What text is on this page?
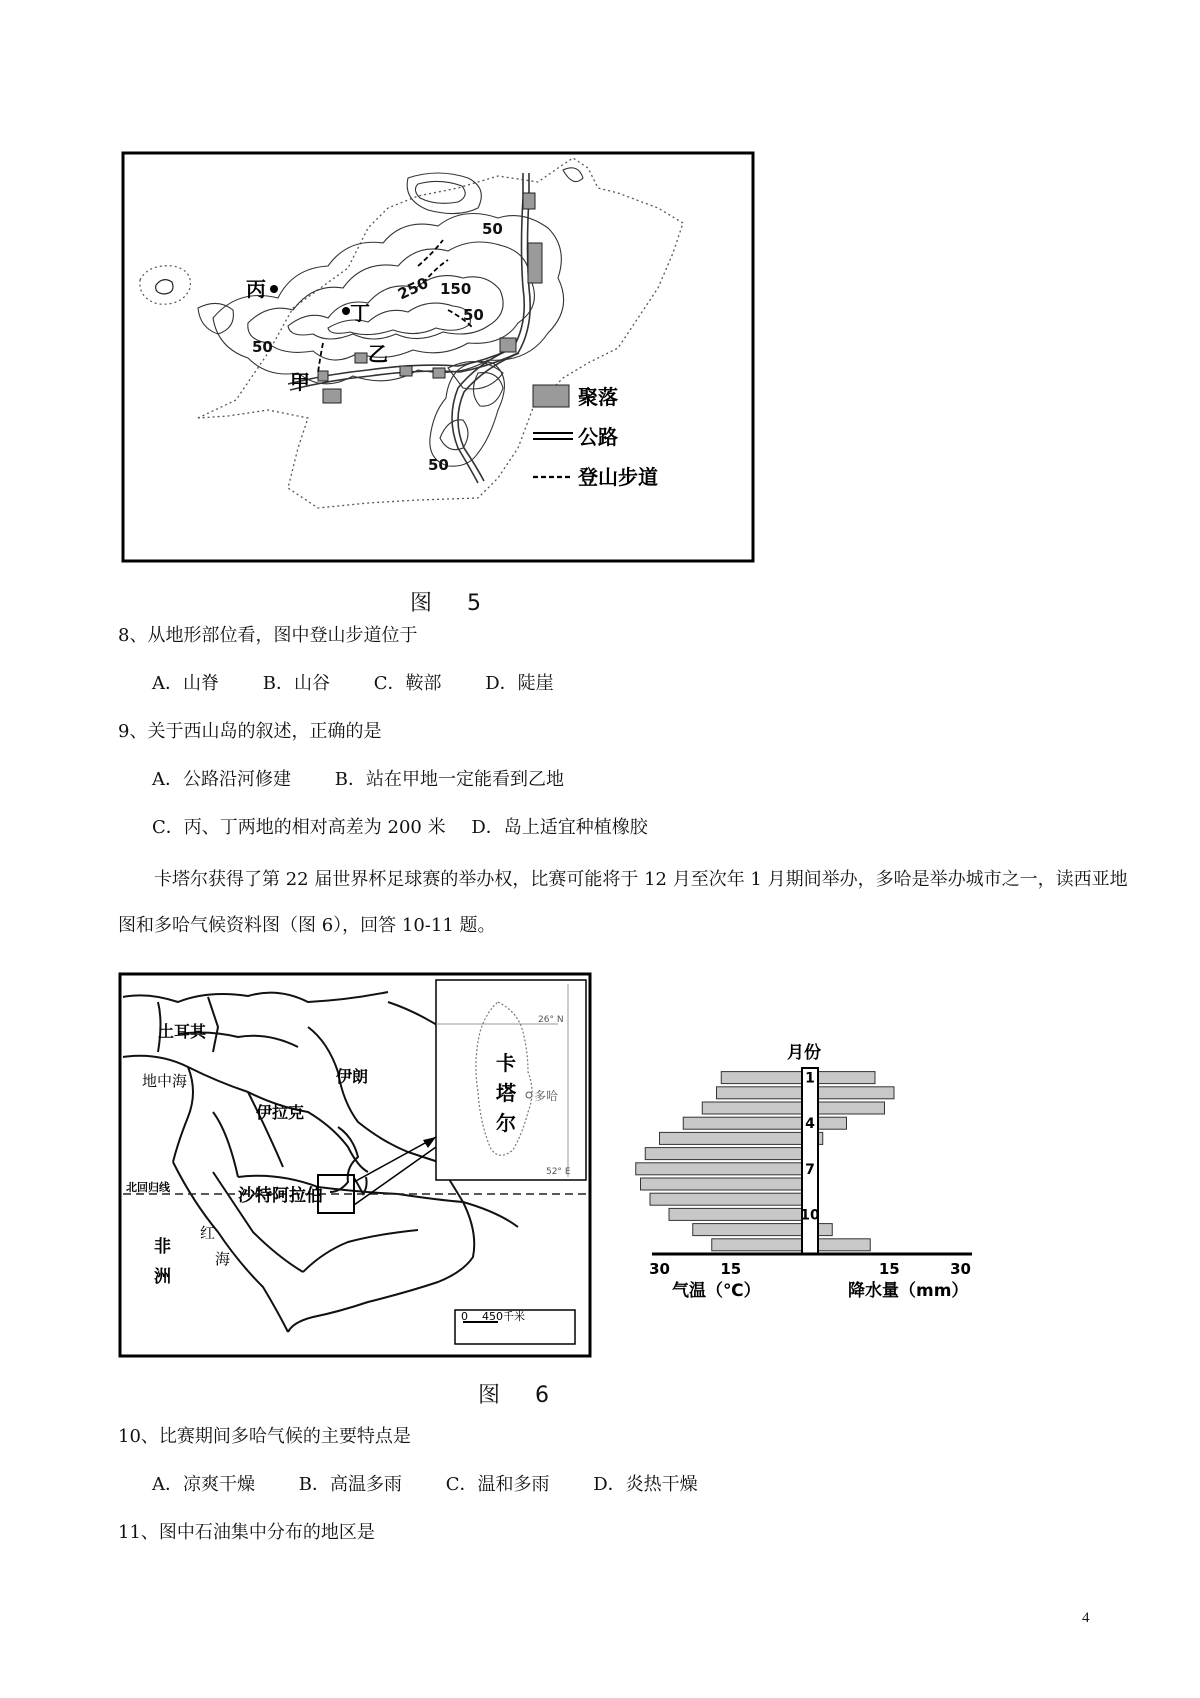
50
250 150
50
50
50
丙
丁
乙
甲
聚落
公路
登山步道
图 5
8、从地形部位看，图中登山步道位于
A．山脊 B．山谷 C．鞍部 D．陡崖
9、关于西山岛的叙述，正确的是
A．公路沿河修建 B．站在甲地一定能看到乙地
C．丙、丁两地的相对高差为 200 米 D．岛上适宜种植橡胶
卡塔尔获得了第 22 届世界杯足球赛的举办权，比赛可能将于 12 月至次年 1 月期间举办，多哈是举办城市之一，读西亚地图和多哈气候资料图（图 6），回答 10-11 题。
26° N
52° E
卡
塔
尔
多哈
土耳其
地中海	伊朗
伊拉克
沙特阿拉伯
北回归线
非
洲
红
海
0    450千米
月份
1
4
7
10
30	15	15	30
气温（℃）	降水量（mm）
图 6
10、比赛期间多哈气候的主要特点是
A．凉爽干燥 B．高温多雨 C．温和多雨 D．炎热干燥
11、图中石油集中分布的地区是
4
